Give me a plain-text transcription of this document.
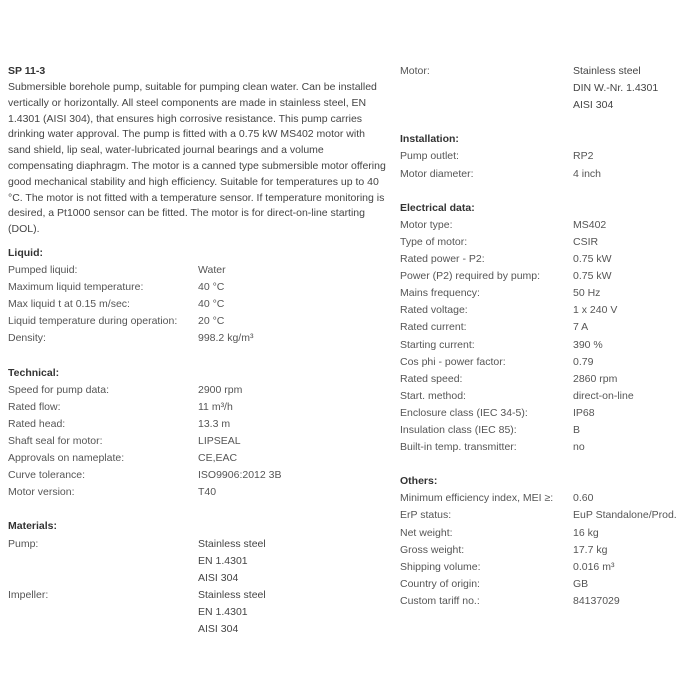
SP 11-3

Submersible borehole pump, suitable for pumping clean water. Can be installed vertically or horizontally. All steel components are made in stainless steel, EN 1.4301 (AISI 304), that ensures high corrosive resistance. This pump carries drinking water approval. The pump is fitted with a 0.75 kW MS402 motor with sand shield, lip seal, water-lubricated journal bearings and a volume compensating diaphragm. The motor is a canned type submersible motor offering good mechanical stability and high efficiency. Suitable for temperatures up to 40 °C. The motor is not fitted with a temperature sensor. If temperature monitoring is desired, a Pt1000 sensor can be fitted. The motor is for direct-on-line starting (DOL).

Liquid:
Pumped liquid:	Water
Maximum liquid temperature:	40 °C
Max liquid t at 0.15 m/sec:	40 °C
Liquid temperature during operation:	20 °C
Density:	998.2 kg/m³
Technical:
Speed for pump data:	2900 rpm
Rated flow:	11 m³/h
Rated head:	13.3 m
Shaft seal for motor:	LIPSEAL
Approvals on nameplate:	CE,EAC
Curve tolerance:	ISO9906:2012 3B
Motor version:	T40
Materials:
Pump:	Stainless steel
EN 1.4301
AISI 304
Impeller:	Stainless steel
EN 1.4301
AISI 304
Motor:	Stainless steel
DIN W.-Nr. 1.4301
AISI 304
Installation:
Pump outlet:	RP2
Motor diameter:	4 inch
Electrical data:
Motor type:	MS402
Type of motor:	CSIR
Rated power - P2:	0.75 kW
Power (P2) required by pump:	0.75 kW
Mains frequency:	50 Hz
Rated voltage:	1 x 240 V
Rated current:	7 A
Starting current:	390 %
Cos phi - power factor:	0.79
Rated speed:	2860 rpm
Start. method:	direct-on-line
Enclosure class (IEC 34-5):	IP68
Insulation class (IEC 85):	B
Built-in temp. transmitter:	no
Others:
Minimum efficiency index, MEI ≥:	0.60
ErP status:	EuP Standalone/Prod.
Net weight:	16 kg
Gross weight:	17.7 kg
Shipping volume:	0.016 m³
Country of origin:	GB
Custom tariff no.:	84137029
